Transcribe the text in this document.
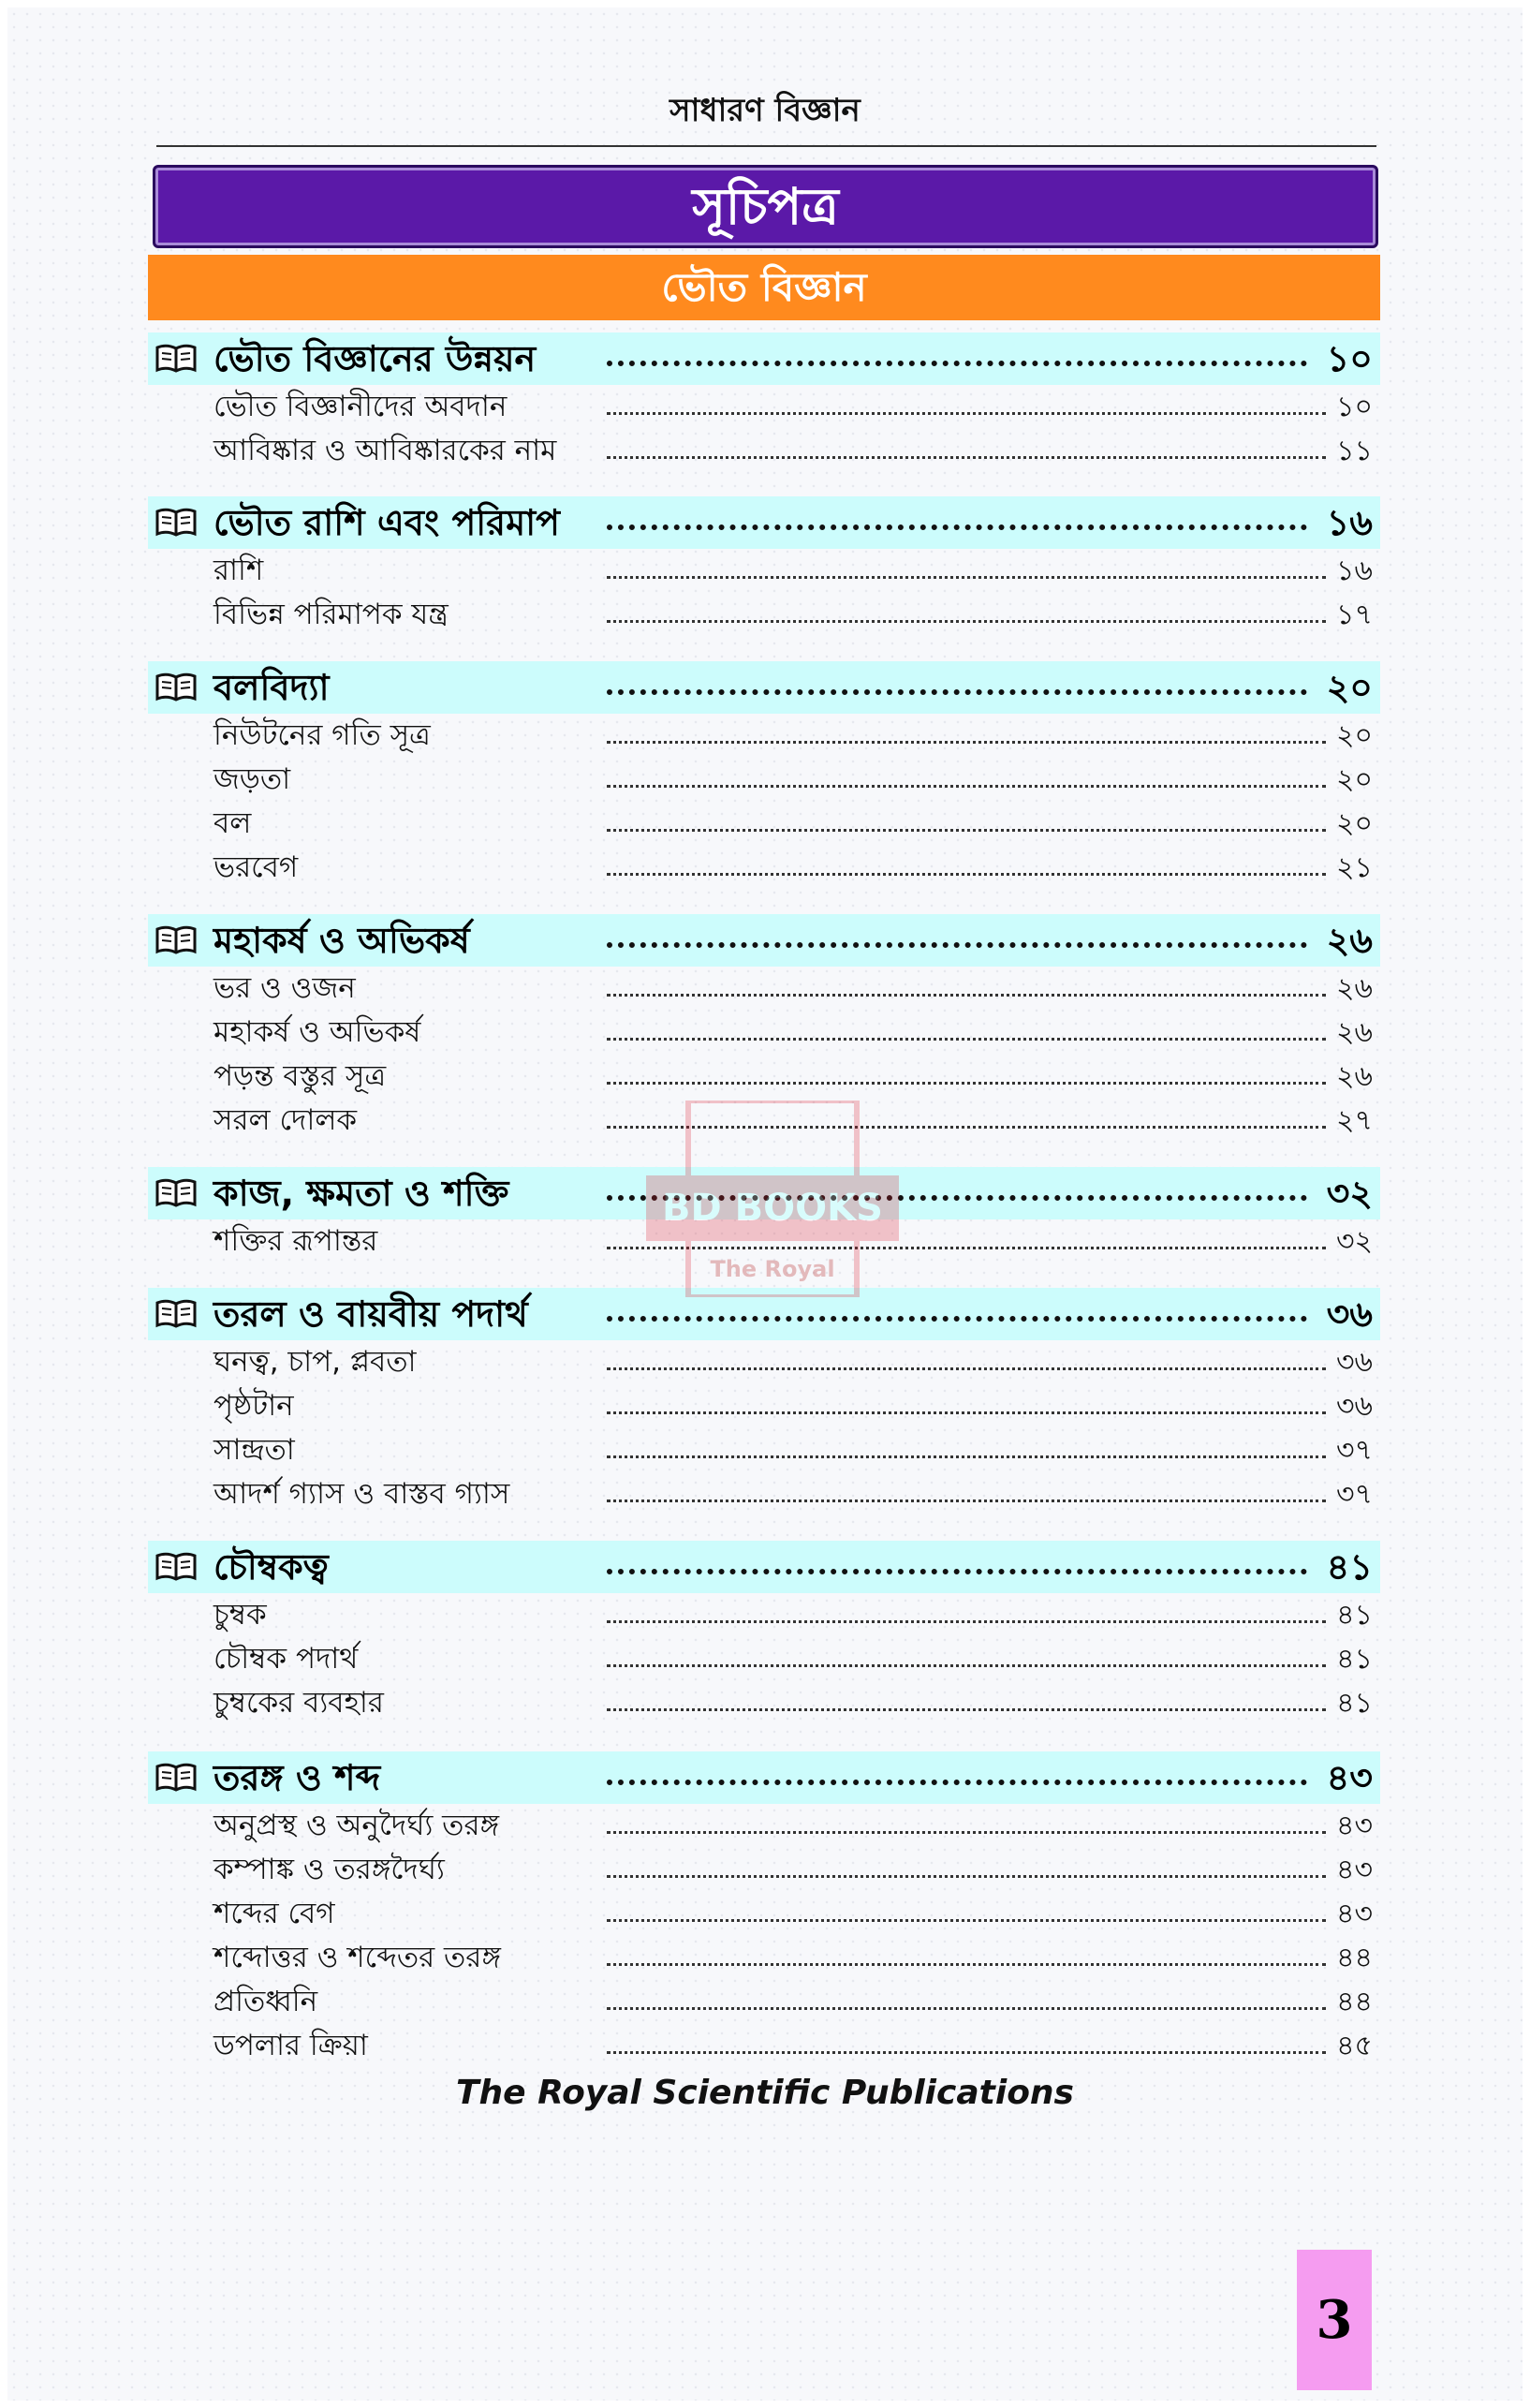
সাধারণ বিজ্ঞান
সূচিপত্র
ভৌত বিজ্ঞান
ভৌত বিজ্ঞানের উন্নয়ন	১০
ভৌত বিজ্ঞানীদের অবদান	১০
আবিষ্কার ও আবিষ্কারকের নাম	১১
ভৌত রাশি এবং পরিমাপ	১৬
রাশি	১৬
বিভিন্ন পরিমাপক যন্ত্র	১৭
বলবিদ্যা	২০
নিউটনের গতি সূত্র	২০
জড়তা	২০
বল	২০
ভরবেগ	২১
মহাকর্ষ ও অভিকর্ষ	২৬
ভর ও ওজন	২৬
মহাকর্ষ ও অভিকর্ষ	২৬
পড়ন্ত বস্তুর সূত্র	২৬
সরল দোলক	২৭
কাজ, ক্ষমতা ও শক্তি	৩২
শক্তির রূপান্তর	৩২
তরল ও বায়বীয় পদার্থ	৩৬
ঘনত্ব, চাপ, প্লবতা	৩৬
পৃষ্ঠটান	৩৬
সান্দ্রতা	৩৭
আদর্শ গ্যাস ও বাস্তব গ্যাস	৩৭
চৌম্বকত্ব	৪১
চুম্বক	৪১
চৌম্বক পদার্থ	৪১
চুম্বকের ব্যবহার	৪১
তরঙ্গ ও শব্দ	৪৩
অনুপ্রস্থ ও অনুদৈর্ঘ্য তরঙ্গ	৪৩
কম্পাঙ্ক ও তরঙ্গদৈর্ঘ্য	৪৩
শব্দের বেগ	৪৩
শব্দোত্তর ও শব্দেতর তরঙ্গ	৪৪
প্রতিধ্বনি	৪৪
ডপলার ক্রিয়া	৪৫
BD BOOKS
The Royal
The Royal Scientific Publications
3
